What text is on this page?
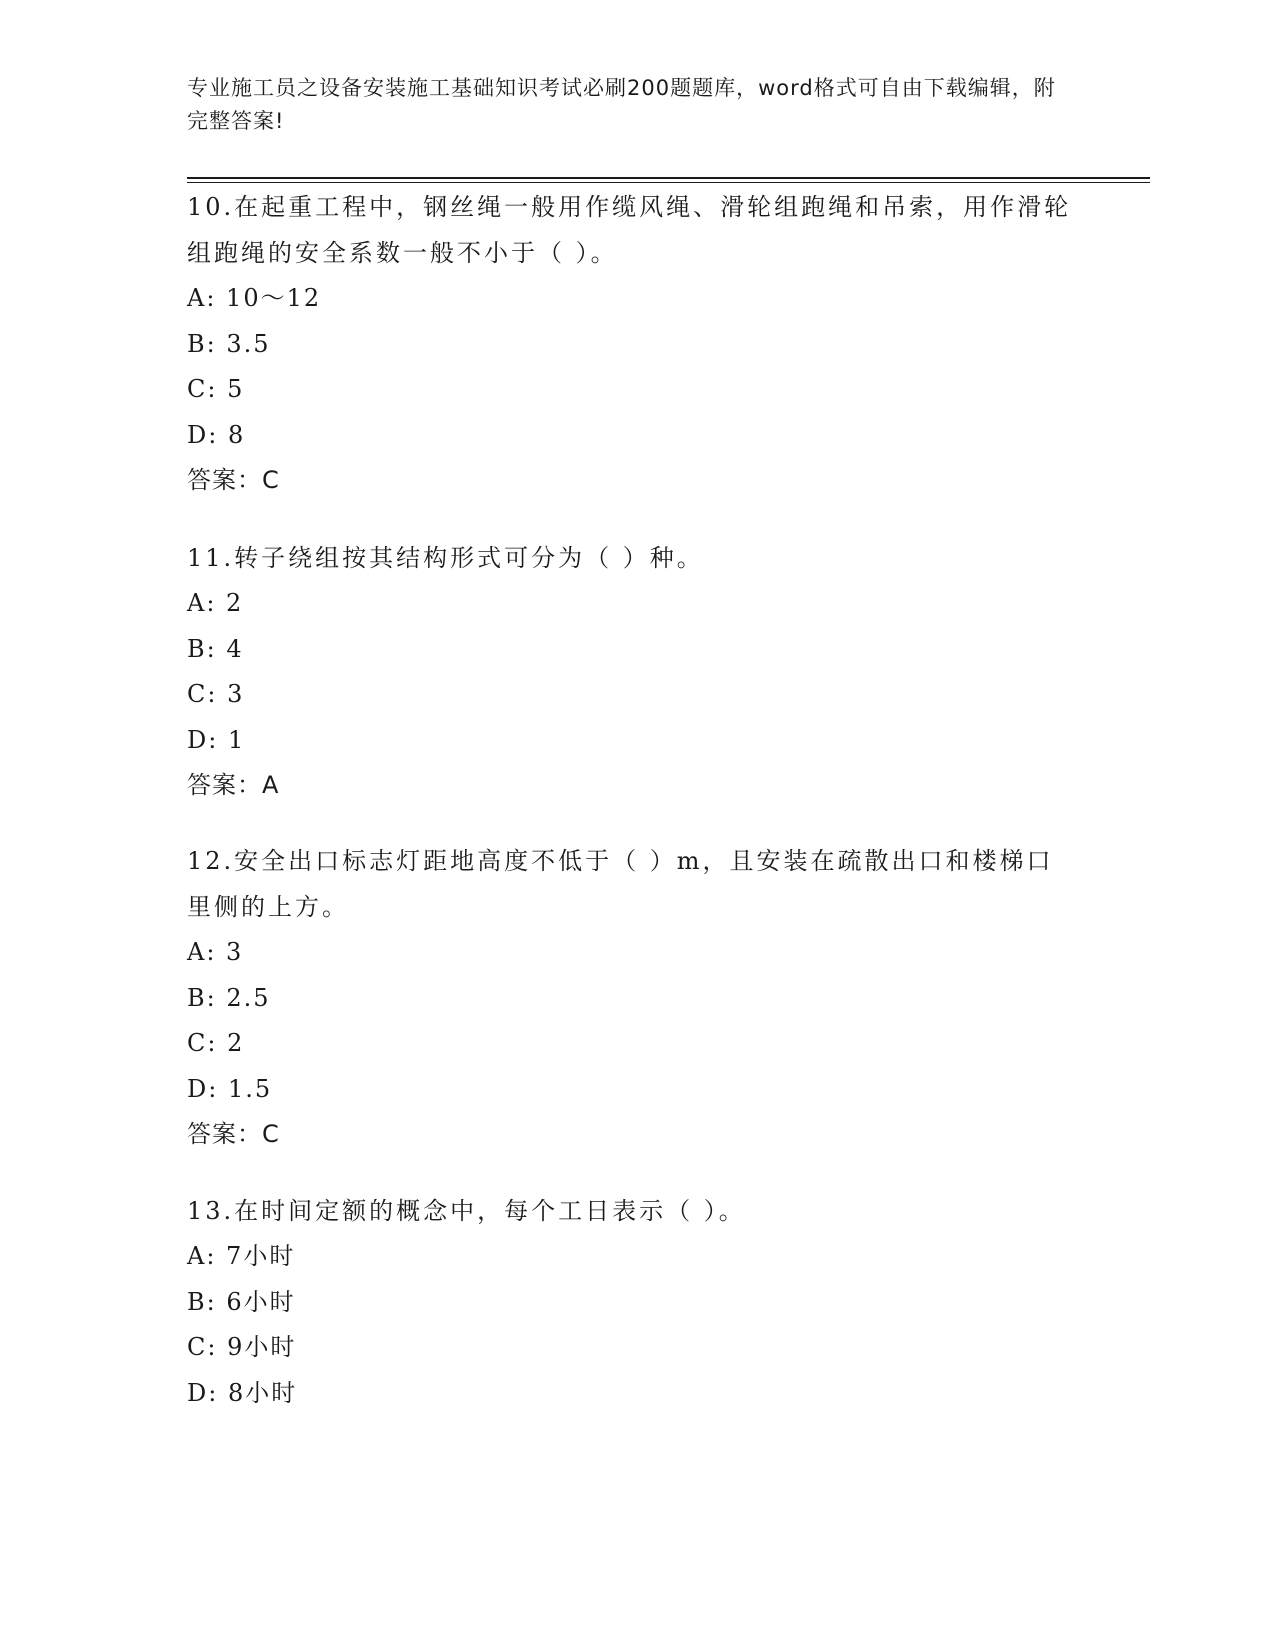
专业施工员之设备安装施工基础知识考试必刷200题题库，word格式可自由下载编辑，附完整答案!

10.在起重工程中，钢丝绳一般用作缆风绳、滑轮组跑绳和吊索，用作滑轮组跑绳的安全系数一般不小于（ ）。

A: 10～12

B: 3.5

C: 5

D: 8

答案：C

11.转子绕组按其结构形式可分为（ ）种。

A: 2

B: 4

C: 3

D: 1

答案：A

12.安全出口标志灯距地高度不低于（ ）m，且安装在疏散出口和楼梯口里侧的上方。

A: 3

B: 2.5

C: 2

D: 1.5

答案：C

13.在时间定额的概念中，每个工日表示（ ）。

A: 7小时

B: 6小时

C: 9小时

D: 8小时
